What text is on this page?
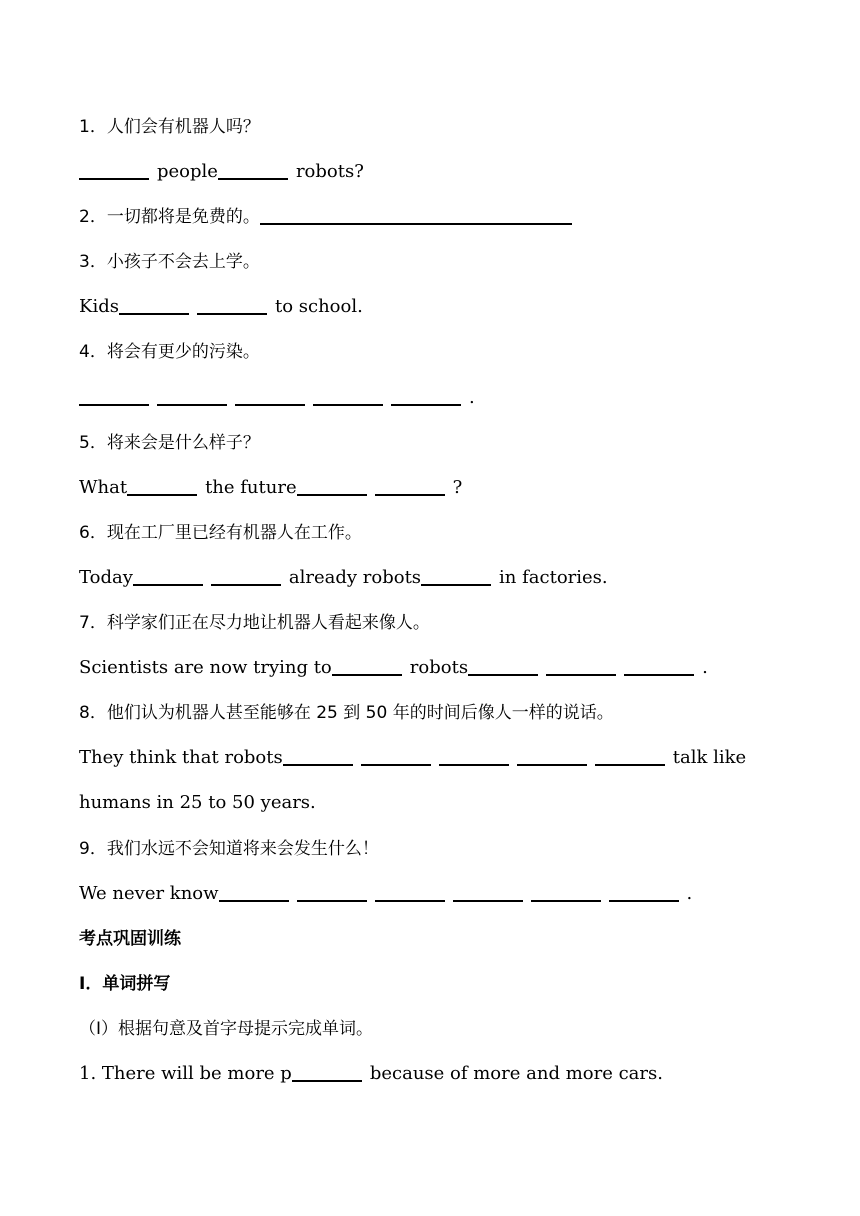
1．人们会有机器人吗？
people	robots?
2．一切都将是免费的。
3．小孩子不会去上学。
Kids	to school.
4．将会有更少的污染。
.
5．将来会是什么样子？
What	the future	?
6．现在工厂里已经有机器人在工作。
Today	already robots	in factories.
7．科学家们正在尽力地让机器人看起来像人。
Scientists are now trying to	robots	.
8．他们认为机器人甚至能够在 25 到 50 年的时间后像人一样的说话。
They think that robots	talk like
humans in 25 to 50 years.
9．我们水远不会知道将来会发生什么！
We never know	.
考点巩固训练
I．单词拼写
（I）根据句意及首字母提示完成单词。
1. There will be more p	because of more and more cars.
